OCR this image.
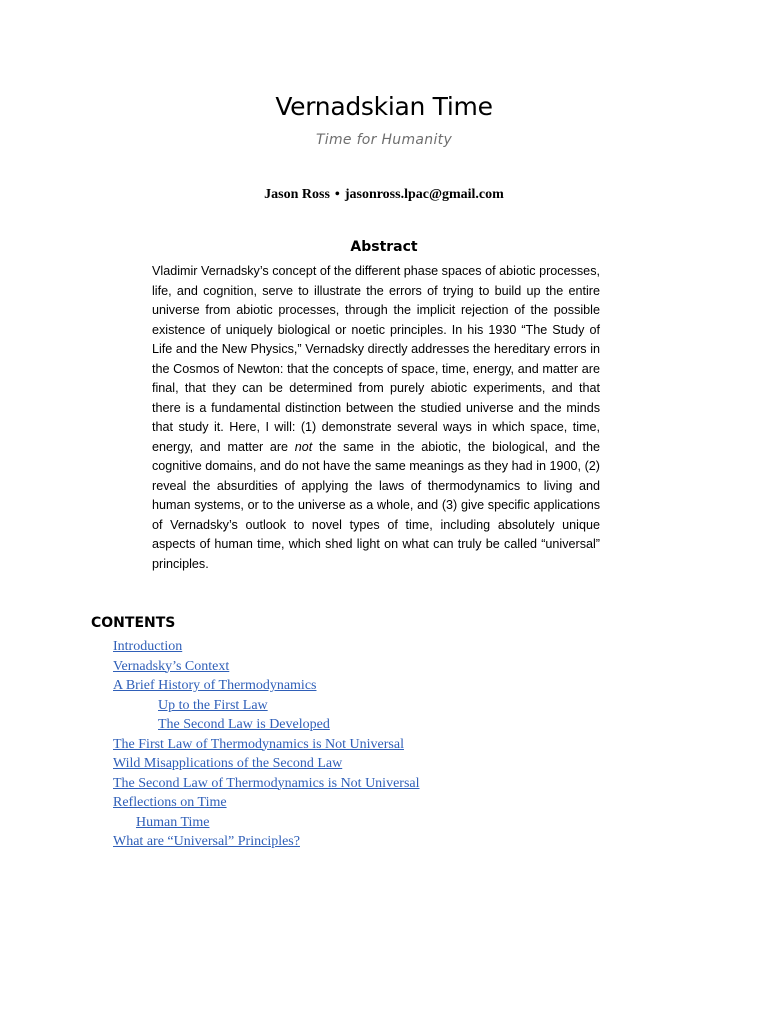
Vernadskian Time

Time for Humanity

Jason Ross • jasonross.lpac@gmail.com

Abstract

Vladimir Vernadsky’s concept of the different phase spaces of abiotic processes, life, and cognition, serve to illustrate the errors of trying to build up the entire universe from abiotic processes, through the implicit rejection of the possible existence of uniquely biological or noetic principles. In his 1930 “The Study of Life and the New Physics,” Vernadsky directly addresses the hereditary errors in the Cosmos of Newton: that the concepts of space, time, energy, and matter are final, that they can be determined from purely abiotic experiments, and that there is a fundamental distinction between the studied universe and the minds that study it. Here, I will: (1) demonstrate several ways in which space, time, energy, and matter are not the same in the abiotic, the biological, and the cognitive domains, and do not have the same meanings as they had in 1900, (2) reveal the absurdities of applying the laws of thermodynamics to living and human systems, or to the universe as a whole, and (3) give specific applications of Vernadsky’s outlook to novel types of time, including absolutely unique aspects of human time, which shed light on what can truly be called “universal” principles.

CONTENTS
Introduction
Vernadsky’s Context
A Brief History of Thermodynamics
Up to the First Law
The Second Law is Developed
The First Law of Thermodynamics is Not Universal
Wild Misapplications of the Second Law
The Second Law of Thermodynamics is Not Universal
Reflections on Time
Human Time
What are “Universal” Principles?
